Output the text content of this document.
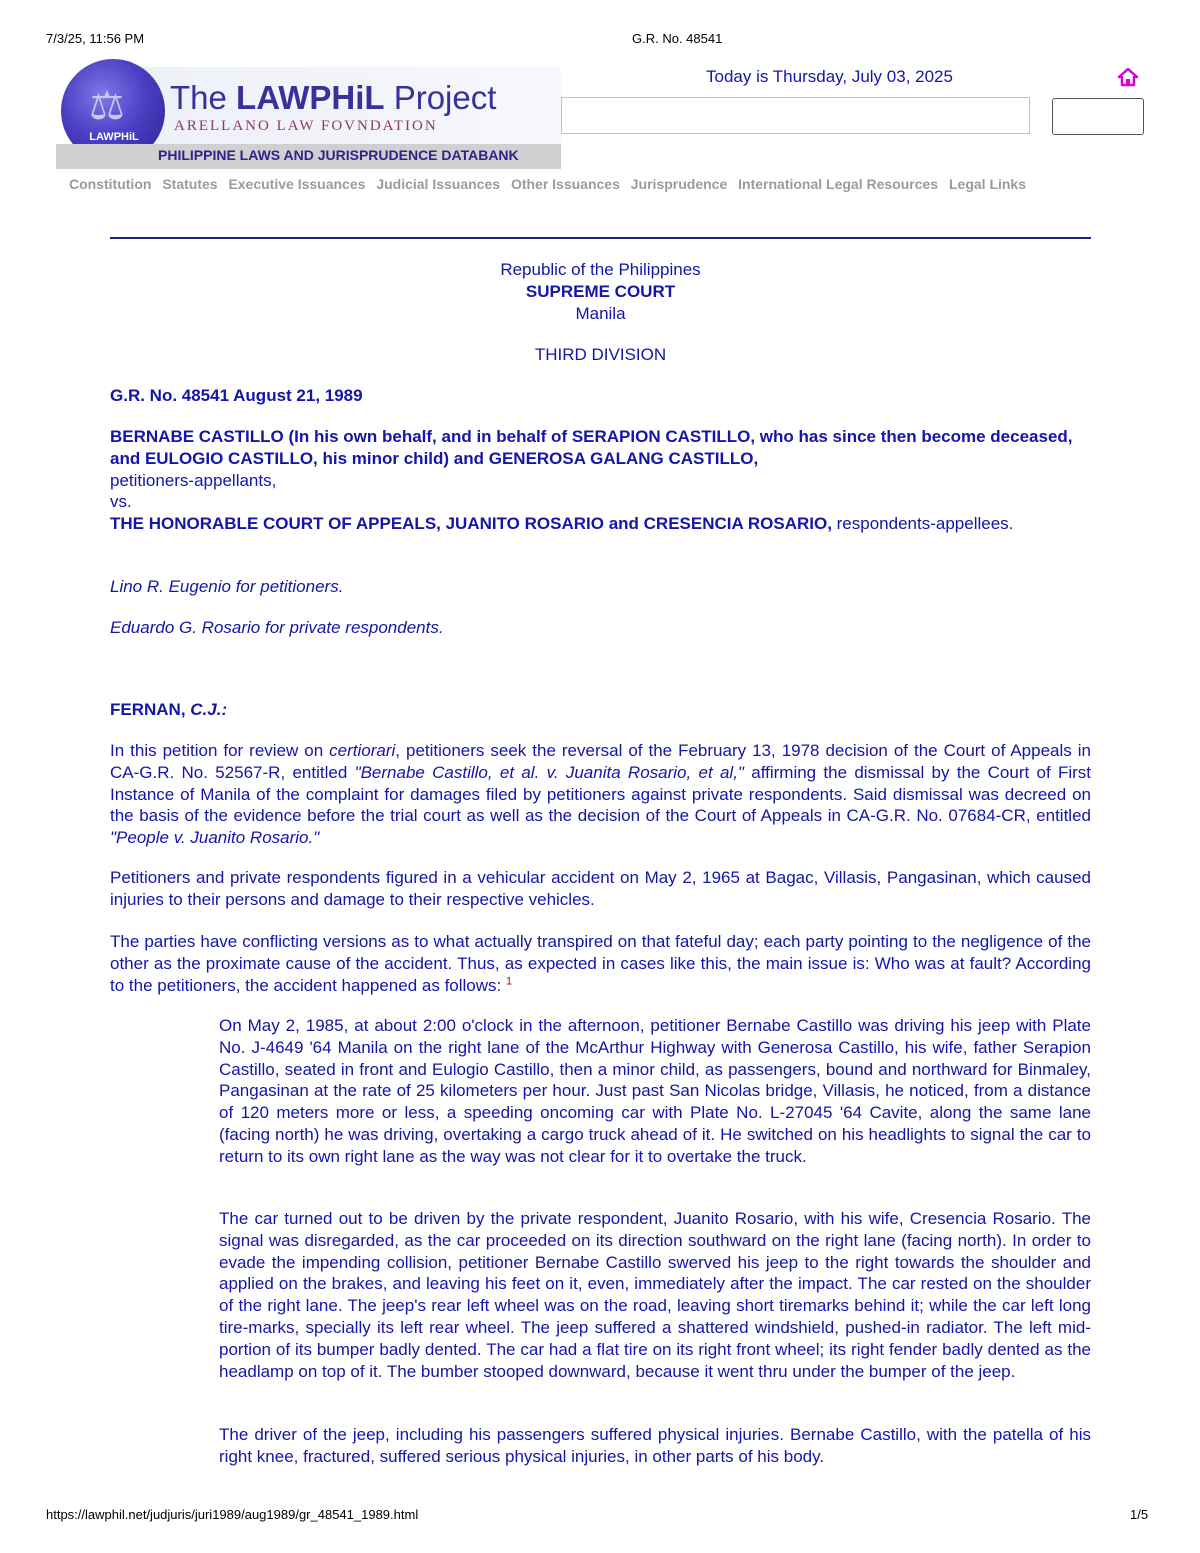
7/3/25, 11:56 PM	G.R. No. 48541
⚖
LAWPHiL
The LAWPHiL Project
ARELLANO LAW FOVNDATION
PHILIPPINE LAWS AND JURISPRUDENCE DATABANK
Today is Thursday, July 03, 2025
Constitution Statutes Executive Issuances Judicial Issuances Other Issuances Jurisprudence International Legal Resources Legal Links
Republic of the Philippines
SUPREME COURT
Manila
THIRD DIVISION
G.R. No. 48541 August 21, 1989
BERNABE CASTILLO (In his own behalf, and in behalf of SERAPION CASTILLO, who has since then become deceased, and EULOGIO CASTILLO, his minor child) and GENEROSA GALANG CASTILLO,
petitioners-appellants,
vs.
THE HONORABLE COURT OF APPEALS, JUANITO ROSARIO and CRESENCIA ROSARIO, respondents-appellees.
Lino R. Eugenio for petitioners.
Eduardo G. Rosario for private respondents.
FERNAN, C.J.:
In this petition for review on certiorari, petitioners seek the reversal of the February 13, 1978 decision of the Court of Appeals in CA-G.R. No. 52567-R, entitled "Bernabe Castillo, et al. v. Juanita Rosario, et al," affirming the dismissal by the Court of First Instance of Manila of the complaint for damages filed by petitioners against private respondents. Said dismissal was decreed on the basis of the evidence before the trial court as well as the decision of the Court of Appeals in CA-G.R. No. 07684-CR, entitled "People v. Juanito Rosario."
Petitioners and private respondents figured in a vehicular accident on May 2, 1965 at Bagac, Villasis, Pangasinan, which caused injuries to their persons and damage to their respective vehicles.
The parties have conflicting versions as to what actually transpired on that fateful day; each party pointing to the negligence of the other as the proximate cause of the accident. Thus, as expected in cases like this, the main issue is: Who was at fault? According to the petitioners, the accident happened as follows: $^1$
On May 2, 1985, at about 2:00 o'clock in the afternoon, petitioner Bernabe Castillo was driving his jeep with Plate No. J-4649 '64 Manila on the right lane of the McArthur Highway with Generosa Castillo, his wife, father Serapion Castillo, seated in front and Eulogio Castillo, then a minor child, as passengers, bound and northward for Binmaley, Pangasinan at the rate of 25 kilometers per hour. Just past San Nicolas bridge, Villasis, he noticed, from a distance of 120 meters more or less, a speeding oncoming car with Plate No. L-27045 '64 Cavite, along the same lane (facing north) he was driving, overtaking a cargo truck ahead of it. He switched on his headlights to signal the car to return to its own right lane as the way was not clear for it to overtake the truck.
The car turned out to be driven by the private respondent, Juanito Rosario, with his wife, Cresencia Rosario. The signal was disregarded, as the car proceeded on its direction southward on the right lane (facing north). In order to evade the impending collision, petitioner Bernabe Castillo swerved his jeep to the right towards the shoulder and applied on the brakes, and leaving his feet on it, even, immediately after the impact. The car rested on the shoulder of the right lane. The jeep's rear left wheel was on the road, leaving short tiremarks behind it; while the car left long tire-marks, specially its left rear wheel. The jeep suffered a shattered windshield, pushed-in radiator. The left mid-portion of its bumper badly dented. The car had a flat tire on its right front wheel; its right fender badly dented as the headlamp on top of it. The bumber stooped downward, because it went thru under the bumper of the jeep.
The driver of the jeep, including his passengers suffered physical injuries. Bernabe Castillo, with the patella of his right knee, fractured, suffered serious physical injuries, in other parts of his body.
https://lawphil.net/judjuris/juri1989/aug1989/gr_48541_1989.html	1/5
